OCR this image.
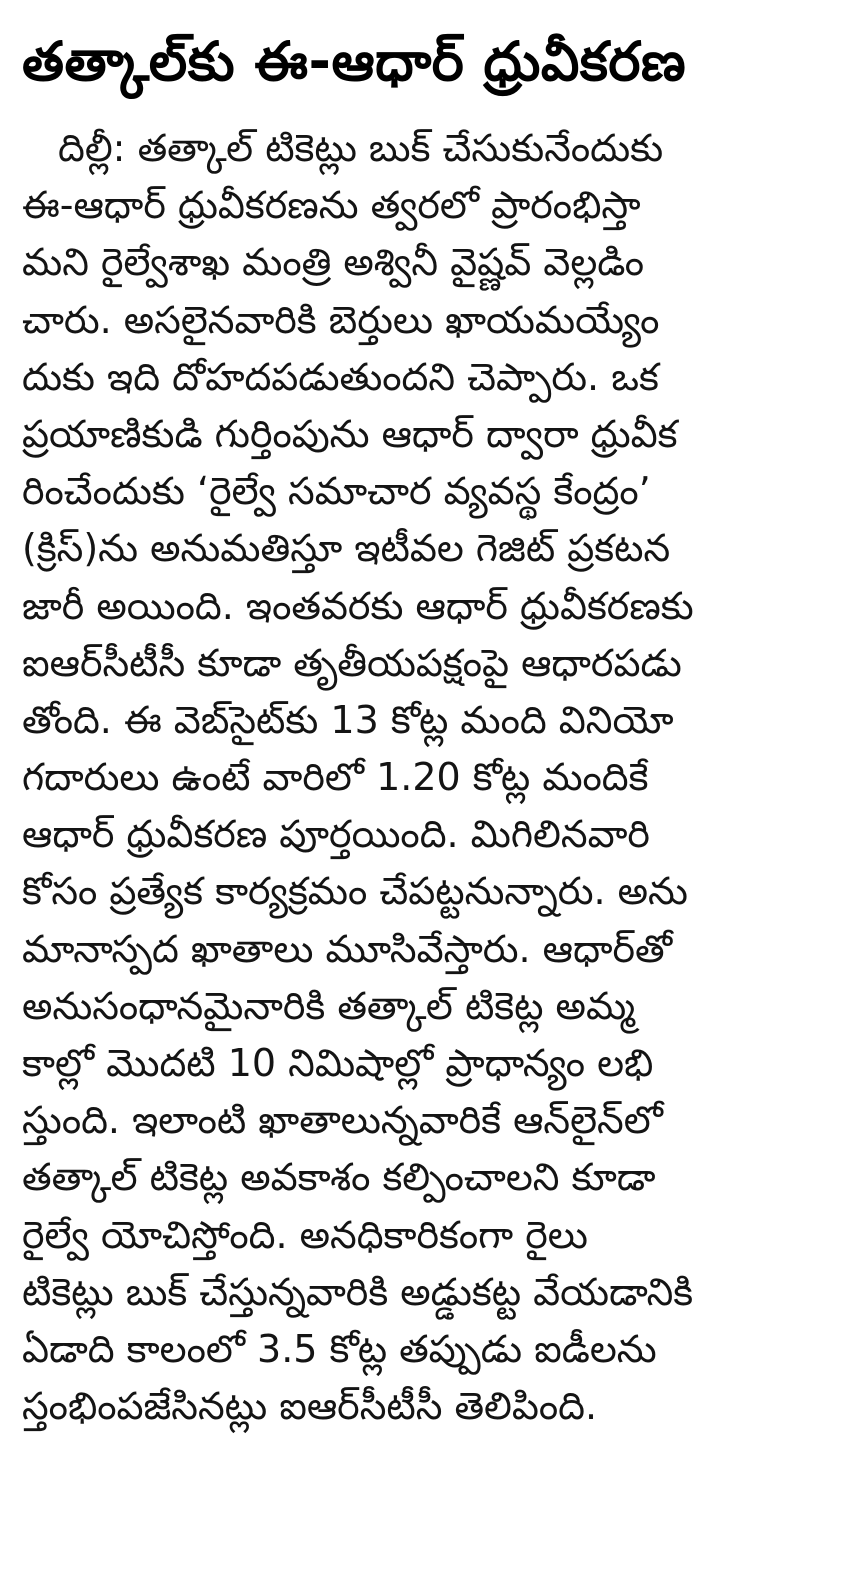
తత్కాల్‌కు ఈ-ఆధార్ ధ్రువీకరణ
దిల్లీ: తత్కాల్ టికెట్లు బుక్ చేసుకునేందుకు
ఈ-ఆధార్ ధ్రువీకరణను త్వరలో ప్రారంభిస్తా
మని రైల్వేశాఖ మంత్రి అశ్వినీ వైష్ణవ్ వెల్లడిం
చారు. అసలైనవారికి బెర్తులు ఖాయమయ్యేం
దుకు ఇది దోహదపడుతుందని చెప్పారు. ఒక
ప్రయాణికుడి గుర్తింపును ఆధార్ ద్వారా ధ్రువీక
రించేందుకు ‘రైల్వే సమాచార వ్యవస్థ కేంద్రం’
(క్రిస్)ను అనుమతిస్తూ ఇటీవల గెజిట్ ప్రకటన
జారీ అయింది. ఇంతవరకు ఆధార్ ధ్రువీకరణకు
ఐఆర్‌సీటీసీ కూడా తృతీయపక్షంపై ఆధారపడు
తోంది. ఈ వెబ్‌సైట్‌కు 13 కోట్ల మంది వినియో
గదారులు ఉంటే వారిలో 1.20 కోట్ల మందికే
ఆధార్ ధ్రువీకరణ పూర్తయింది. మిగిలినవారి
కోసం ప్రత్యేక కార్యక్రమం చేపట్టనున్నారు. అను
మానాస్పద ఖాతాలు మూసివేస్తారు. ఆధార్‌తో
అనుసంధానమైనారికి తత్కాల్ టికెట్ల అమ్మ
కాల్లో మొదటి 10 నిమిషాల్లో ప్రాధాన్యం లభి
స్తుంది. ఇలాంటి ఖాతాలున్నవారికే ఆన్‌లైన్‌లో
తత్కాల్ టికెట్ల అవకాశం కల్పించాలని కూడా
రైల్వే యోచిస్తోంది. అనధికారికంగా రైలు
టికెట్లు బుక్ చేస్తున్నవారికి అడ్డుకట్ట వేయడానికి
ఏడాది కాలంలో 3.5 కోట్ల తప్పుడు ఐడీలను
స్తంభింపజేసినట్లు ఐఆర్‌సీటీసీ తెలిపింది.
